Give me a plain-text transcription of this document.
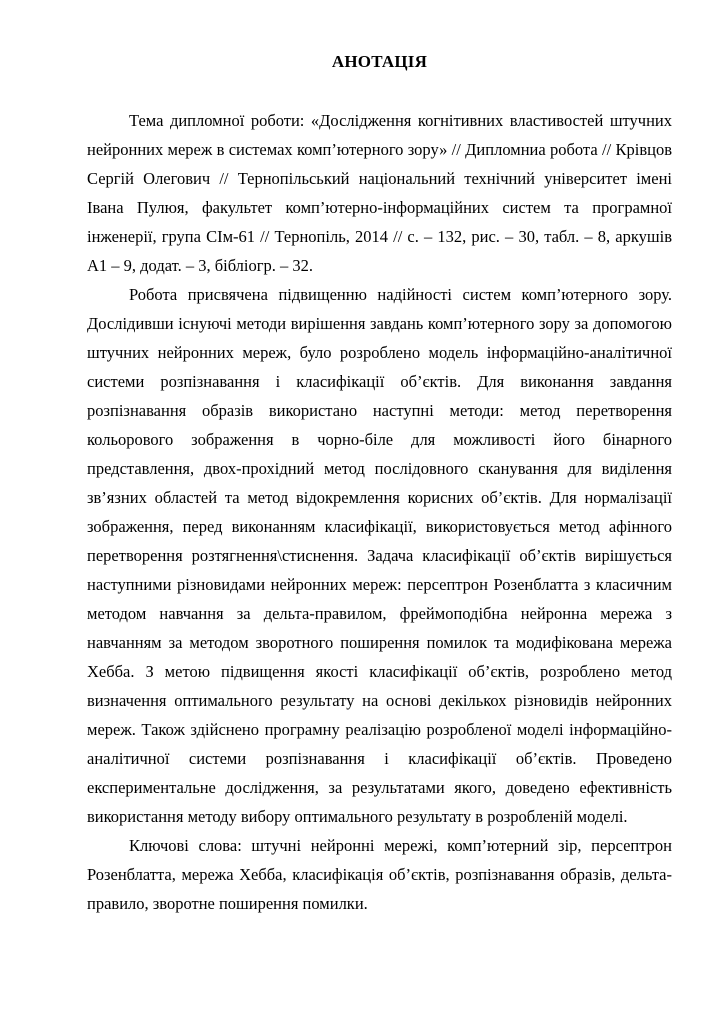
АНОТАЦІЯ

Тема дипломної роботи: «Дослідження когнітивних властивостей штучних нейронних мереж в системах комп’ютерного зору» // Дипломниа робота // Крівцов Сергій Олегович // Тернопільський національний технічний університет імені Івана Пулюя, факультет комп’ютерно-інформаційних систем та програмної інженерії, група СІм-61 // Тернопіль, 2014 // с. – 132, рис. – 30, табл. – 8, аркушів А1 – 9, додат. – 3, бібліогр. – 32.

Робота присвячена підвищенню надійності систем комп’ютерного зору. Дослідивши існуючі методи вирішення завдань комп’ютерного зору за допомогою штучних нейронних мереж, було розроблено модель інформаційно-аналітичної системи розпізнавання і класифікації об’єктів. Для виконання завдання розпізнавання образів використано наступні методи: метод перетворення кольорового зображення в чорно-біле для можливості його бінарного представлення, двох-прохідний метод послідовного сканування для виділення зв’язних областей та метод відокремлення корисних об’єктів. Для нормалізації зображення, перед виконанням класифікації, використовується метод афінного перетворення розтягнення\стиснення. Задача класифікації об’єктів вирішується наступними різновидами нейронних мереж: персептрон Розенблатта з класичним методом навчання за дельта-правилом, фреймоподібна нейронна мережа з навчанням за методом зворотного поширення помилок та модифікована мережа Хебба. З метою підвищення якості класифікації об’єктів, розроблено метод визначення оптимального результату на основі декількох різновидів нейронних мереж. Також здійснено програмну реалізацію розробленої моделі інформаційно-аналітичної системи розпізнавання і класифікації об’єктів. Проведено експериментальне дослідження, за результатами якого, доведено ефективність використання методу вибору оптимального результату в розробленій моделі.

Ключові слова: штучні нейронні мережі, комп’ютерний зір, персептрон Розенблатта, мережа Хебба, класифікація об’єктів, розпізнавання образів, дельта-правило, зворотне поширення помилки.
